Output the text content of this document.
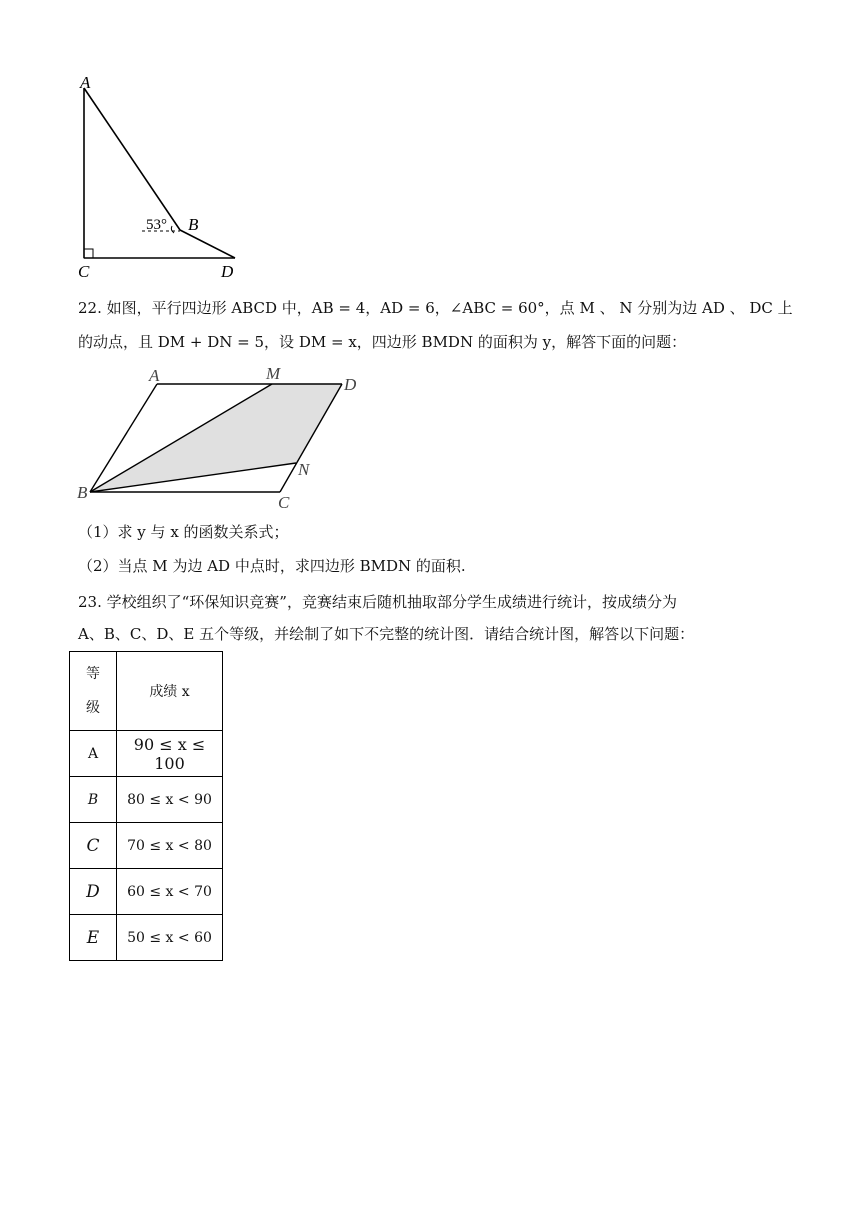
A
B
C	D
53°
22. 如图，平行四边形 ABCD 中，AB = 4，AD = 6，∠ABC = 60°，点 M 、 N 分别为边 AD 、 DC 上
的动点，且 DM + DN = 5，设 DM = x，四边形 BMDN 的面积为 y，解答下面的问题：
A	M
D
N
B
C
（1）求 y 与 x 的函数关系式；
（2）当点 M 为边 AD 中点时，求四边形 BMDN 的面积.
23. 学校组织了“环保知识竞赛”，竞赛结束后随机抽取部分学生成绩进行统计，按成绩分为
A、B、C、D、E 五个等级，并绘制了如下不完整的统计图．请结合统计图，解答以下问题：
等
级	成绩 x
A	90 ≤ x ≤ 100
B	80 ≤ x < 90
C	70 ≤ x < 80
D	60 ≤ x < 70
E	50 ≤ x < 60
